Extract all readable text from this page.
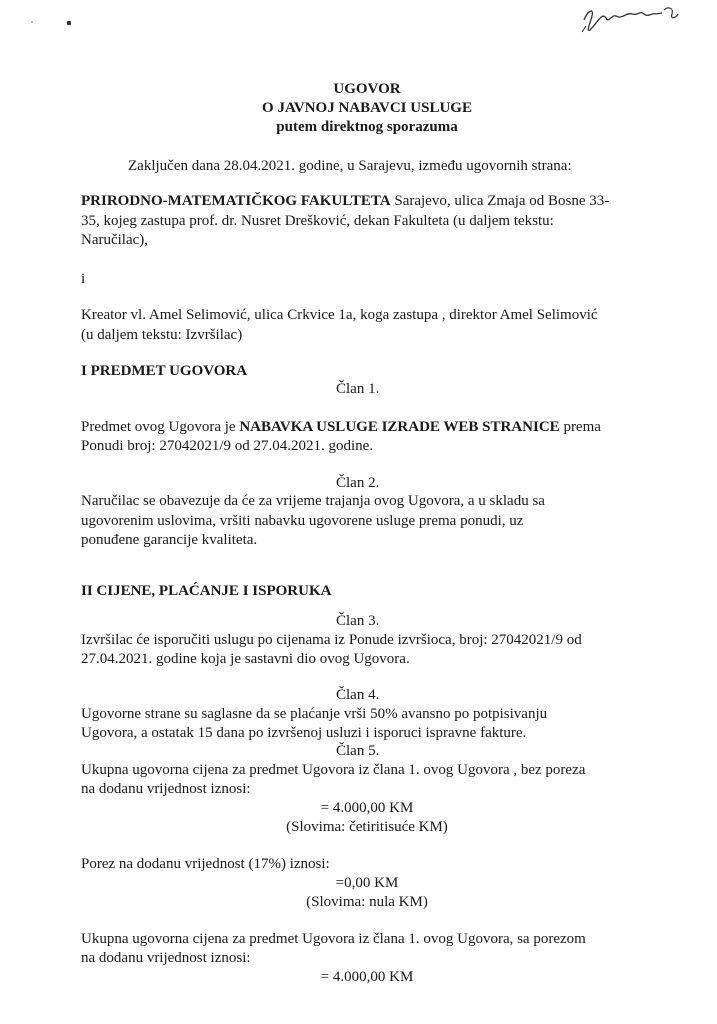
UGOVOR
O JAVNOJ NABAVCI USLUGE
putem direktnog sporazuma
Zaključen dana 28.04.2021. godine, u Sarajevu, između ugovornih strana:
PRIRODNO-MATEMATIČKOG FAKULTETA Sarajevo, ulica Zmaja od Bosne 33-
35, kojeg zastupa prof. dr. Nusret Drešković, dekan Fakulteta (u daljem tekstu:
Naručilac),
i
Kreator vl. Amel Selimović, ulica Crkvice 1a, koga zastupa , direktor Amel Selimović
(u daljem tekstu: Izvršilac)
I PREDMET UGOVORA
Član 1.
Predmet ovog Ugovora je NABAVKA USLUGE IZRADE WEB STRANICE prema
Ponudi broj: 27042021/9 od 27.04.2021. godine.
Član 2.
Naručilac se obavezuje da će za vrijeme trajanja ovog Ugovora, a u skladu sa
ugovorenim uslovima, vršiti nabavku ugovorene usluge prema ponudi, uz
ponuđene garancije kvaliteta.
II CIJENE, PLAĆANJE I ISPORUKA
Član 3.
Izvršilac će isporučiti uslugu po cijenama iz Ponude izvršioca, broj: 27042021/9 od
27.04.2021. godine koja je sastavni dio ovog Ugovora.
Član 4.
Ugovorne strane su saglasne da se plaćanje vrši 50% avansno po potpisivanju
Ugovora, a ostatak 15 dana po izvršenoj usluzi i isporuci ispravne fakture.
Član 5.
Ukupna ugovorna cijena za predmet Ugovora iz člana 1. ovog Ugovora , bez poreza
na dodanu vrijednost iznosi:
= 4.000,00 KM
(Slovima: četiritisuće KM)
Porez na dodanu vrijednost (17%) iznosi:
=0,00 KM
(Slovima: nula KM)
Ukupna ugovorna cijena za predmet Ugovora iz člana 1. ovog Ugovora, sa porezom
na dodanu vrijednost iznosi:
= 4.000,00 KM
